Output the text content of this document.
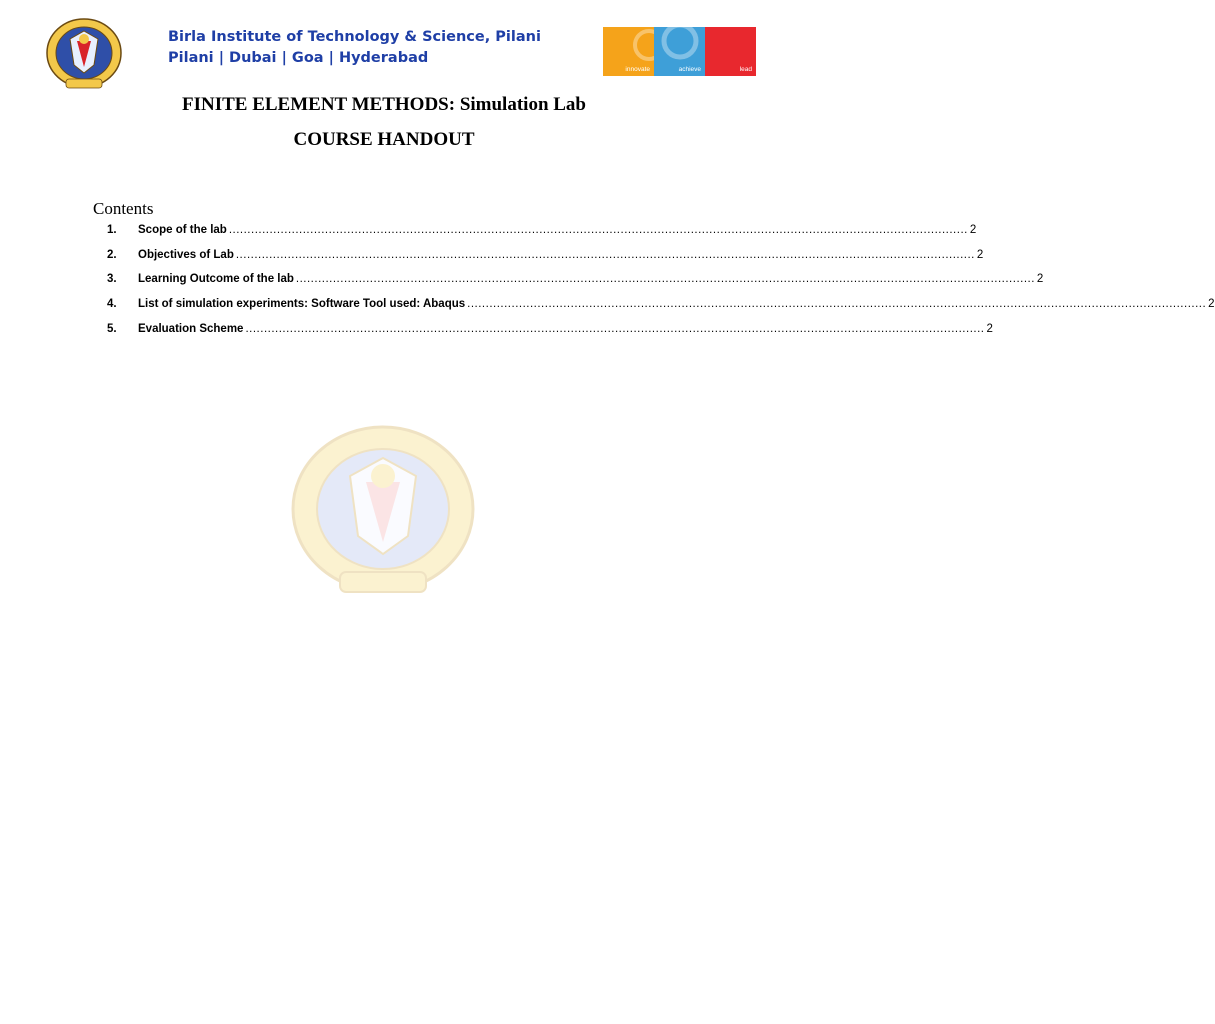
Birla Institute of Technology & Science, Pilani
Pilani | Dubai | Goa | Hyderabad
innovate	achieve	lead
FINITE ELEMENT METHODS: Simulation Lab
COURSE HANDOUT
Contents
1.	Scope of the lab ........................................................................................................................................................................................................ 2
2.	Objectives of Lab ........................................................................................................................................................................................................ 2
3.	Learning Outcome of the lab ........................................................................................................................................................................................................ 2
4.	List of simulation experiments: Software Tool used: Abaqus ........................................................................................................................................................................................................ 2
5.	Evaluation Scheme ........................................................................................................................................................................................................ 2
